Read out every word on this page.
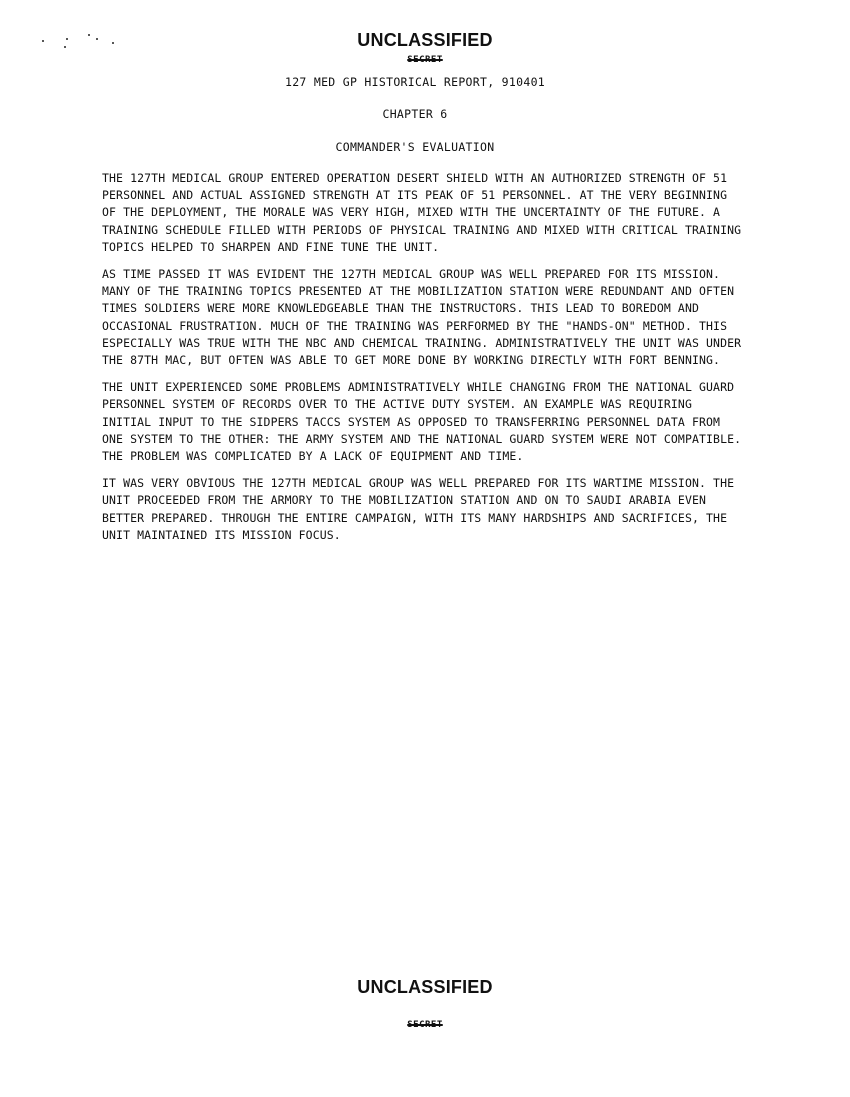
UNCLASSIFIED
SECRET
127 MED GP HISTORICAL REPORT, 910401
CHAPTER 6
COMMANDER'S EVALUATION

THE 127TH MEDICAL GROUP ENTERED OPERATION DESERT SHIELD WITH AN AUTHORIZED STRENGTH OF 51 PERSONNEL AND ACTUAL ASSIGNED STRENGTH AT ITS PEAK OF 51 PERSONNEL. AT THE VERY BEGINNING OF THE DEPLOYMENT, THE MORALE WAS VERY HIGH, MIXED WITH THE UNCERTAINTY OF THE FUTURE. A TRAINING SCHEDULE FILLED WITH PERIODS OF PHYSICAL TRAINING AND MIXED WITH CRITICAL TRAINING TOPICS HELPED TO SHARPEN AND FINE TUNE THE UNIT.

AS TIME PASSED IT WAS EVIDENT THE 127TH MEDICAL GROUP WAS WELL PREPARED FOR ITS MISSION. MANY OF THE TRAINING TOPICS PRESENTED AT THE MOBILIZATION STATION WERE REDUNDANT AND OFTEN TIMES SOLDIERS WERE MORE KNOWLEDGEABLE THAN THE INSTRUCTORS. THIS LEAD TO BOREDOM AND OCCASIONAL FRUSTRATION. MUCH OF THE TRAINING WAS PERFORMED BY THE "HANDS-ON" METHOD. THIS ESPECIALLY WAS TRUE WITH THE NBC AND CHEMICAL TRAINING. ADMINISTRATIVELY THE UNIT WAS UNDER THE 87TH MAC, BUT OFTEN WAS ABLE TO GET MORE DONE BY WORKING DIRECTLY WITH FORT BENNING.

THE UNIT EXPERIENCED SOME PROBLEMS ADMINISTRATIVELY WHILE CHANGING FROM THE NATIONAL GUARD PERSONNEL SYSTEM OF RECORDS OVER TO THE ACTIVE DUTY SYSTEM. AN EXAMPLE WAS REQUIRING INITIAL INPUT TO THE SIDPERS TACCS SYSTEM AS OPPOSED TO TRANSFERRING PERSONNEL DATA FROM ONE SYSTEM TO THE OTHER: THE ARMY SYSTEM AND THE NATIONAL GUARD SYSTEM WERE NOT COMPATIBLE. THE PROBLEM WAS COMPLICATED BY A LACK OF EQUIPMENT AND TIME.

IT WAS VERY OBVIOUS THE 127TH MEDICAL GROUP WAS WELL PREPARED FOR ITS WARTIME MISSION. THE UNIT PROCEEDED FROM THE ARMORY TO THE MOBILIZATION STATION AND ON TO SAUDI ARABIA EVEN BETTER PREPARED. THROUGH THE ENTIRE CAMPAIGN, WITH ITS MANY HARDSHIPS AND SACRIFICES, THE UNIT MAINTAINED ITS MISSION FOCUS.

UNCLASSIFIED
SECRET
